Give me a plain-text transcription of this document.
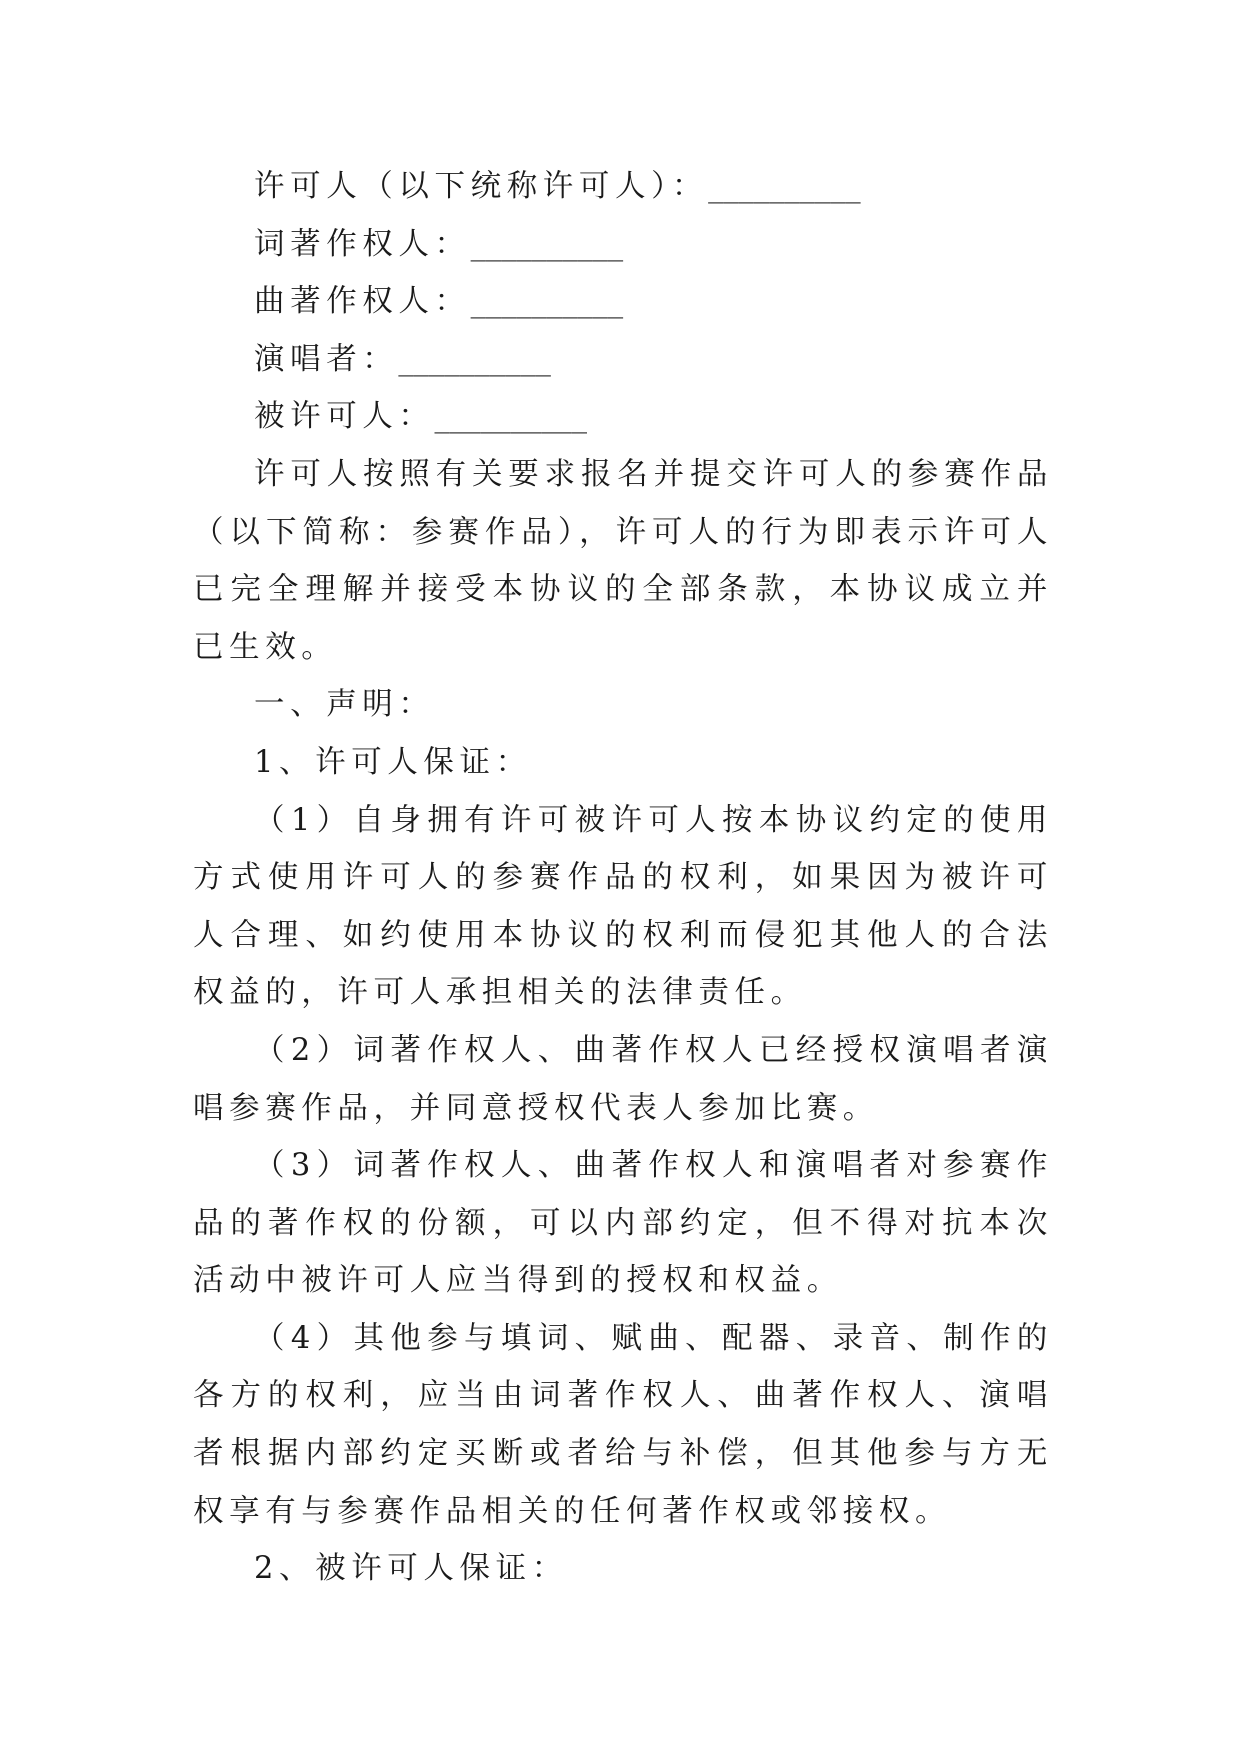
许可人（以下统称许可人）：__________

词著作权人：__________

曲著作权人：__________

演唱者：__________

被许可人：__________

许可人按照有关要求报名并提交许可人的参赛作品（以下简称：参赛作品），许可人的行为即表示许可人已完全理解并接受本协议的全部条款，本协议成立并已生效。

一、声明：

1、许可人保证：

（1）自身拥有许可被许可人按本协议约定的使用方式使用许可人的参赛作品的权利，如果因为被许可人合理、如约使用本协议的权利而侵犯其他人的合法权益的，许可人承担相关的法律责任。

（2）词著作权人、曲著作权人已经授权演唱者演唱参赛作品，并同意授权代表人参加比赛。

（3）词著作权人、曲著作权人和演唱者对参赛作品的著作权的份额，可以内部约定，但不得对抗本次活动中被许可人应当得到的授权和权益。

（4）其他参与填词、赋曲、配器、录音、制作的各方的权利，应当由词著作权人、曲著作权人、演唱者根据内部约定买断或者给与补偿，但其他参与方无权享有与参赛作品相关的任何著作权或邻接权。

2、被许可人保证：
